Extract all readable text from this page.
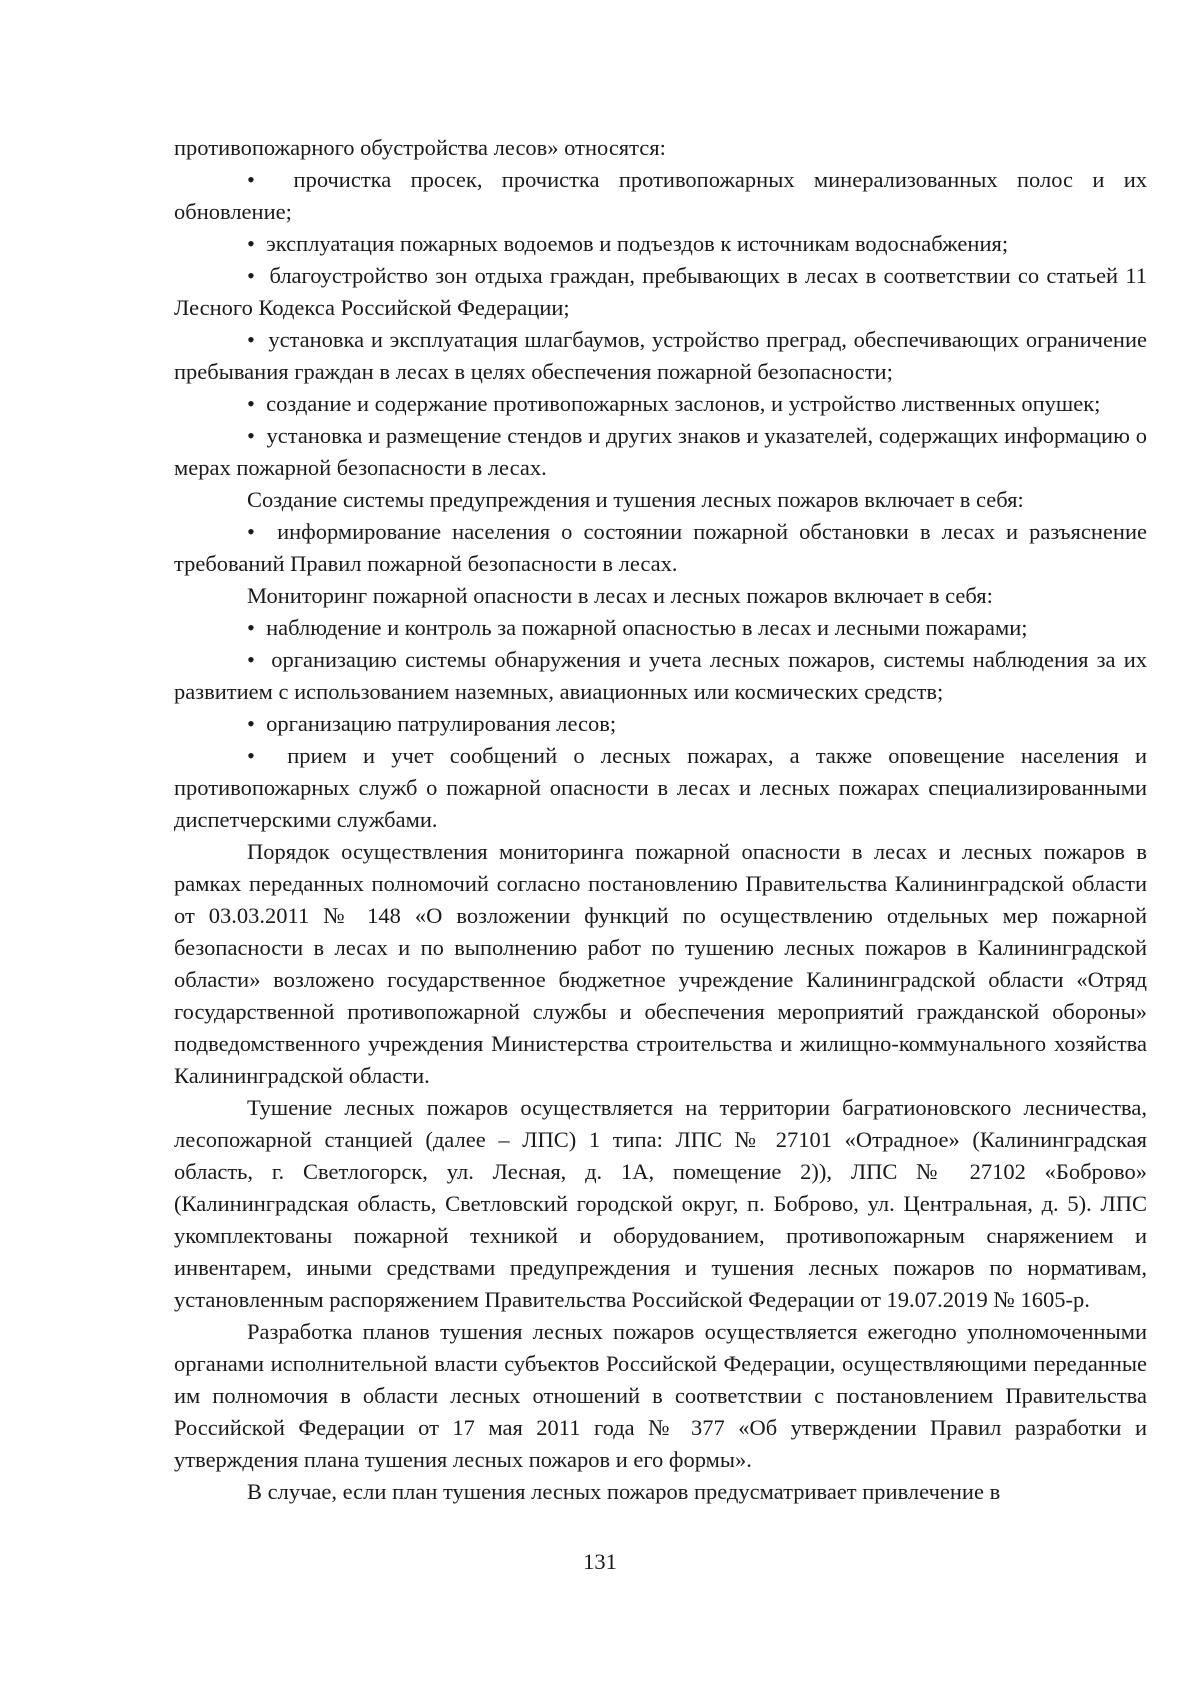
противопожарного обустройства лесов» относятся:

•  прочистка просек, прочистка противопожарных минерализованных полос и их обновление;

•  эксплуатация пожарных водоемов и подъездов к источникам водоснабжения;

•  благоустройство зон отдыха граждан, пребывающих в лесах в соответствии со статьей 11 Лесного Кодекса Российской Федерации;

•  установка и эксплуатация шлагбаумов, устройство преград, обеспечивающих ограничение пребывания граждан в лесах в целях обеспечения пожарной безопасности;

•  создание и содержание противопожарных заслонов, и устройство лиственных опушек;

•  установка и размещение стендов и других знаков и указателей, содержащих информацию о мерах пожарной безопасности в лесах.

Создание системы предупреждения и тушения лесных пожаров включает в себя:

•  информирование населения о состоянии пожарной обстановки в лесах и разъяснение требований Правил пожарной безопасности в лесах.

Мониторинг пожарной опасности в лесах и лесных пожаров включает в себя:

•  наблюдение и контроль за пожарной опасностью в лесах и лесными пожарами;

•  организацию системы обнаружения и учета лесных пожаров, системы наблюдения за их развитием с использованием наземных, авиационных или космических средств;

•  организацию патрулирования лесов;

•  прием и учет сообщений о лесных пожарах, а также оповещение населения и противопожарных служб о пожарной опасности в лесах и лесных пожарах специализированными диспетчерскими службами.

Порядок осуществления мониторинга пожарной опасности в лесах и лесных пожаров в рамках переданных полномочий согласно постановлению Правительства Калининградской области от 03.03.2011 № 148 «О возложении функций по осуществлению отдельных мер пожарной безопасности в лесах и по выполнению работ по тушению лесных пожаров в Калининградской области» возложено государственное бюджетное учреждение Калининградской области «Отряд государственной противопожарной службы и обеспечения мероприятий гражданской обороны» подведомственного учреждения Министерства строительства и жилищно-коммунального хозяйства Калининградской области.

Тушение лесных пожаров осуществляется на территории багратионовского лесничества, лесопожарной станцией (далее – ЛПС) 1 типа: ЛПС № 27101 «Отрадное» (Калининградская область, г. Светлогорск, ул. Лесная, д. 1А, помещение 2)), ЛПС № 27102 «Боброво» (Калининградская область, Светловский городской округ, п. Боброво, ул. Центральная, д. 5). ЛПС укомплектованы пожарной техникой и оборудованием, противопожарным снаряжением и инвентарем, иными средствами предупреждения и тушения лесных пожаров по нормативам, установленным распоряжением Правительства Российской Федерации от 19.07.2019 № 1605-р.

Разработка планов тушения лесных пожаров осуществляется ежегодно уполномоченными органами исполнительной власти субъектов Российской Федерации, осуществляющими переданные им полномочия в области лесных отношений в соответствии с постановлением Правительства Российской Федерации от 17 мая 2011 года № 377 «Об утверждении Правил разработки и утверждения плана тушения лесных пожаров и его формы».

В случае, если план тушения лесных пожаров предусматривает привлечение в

131
